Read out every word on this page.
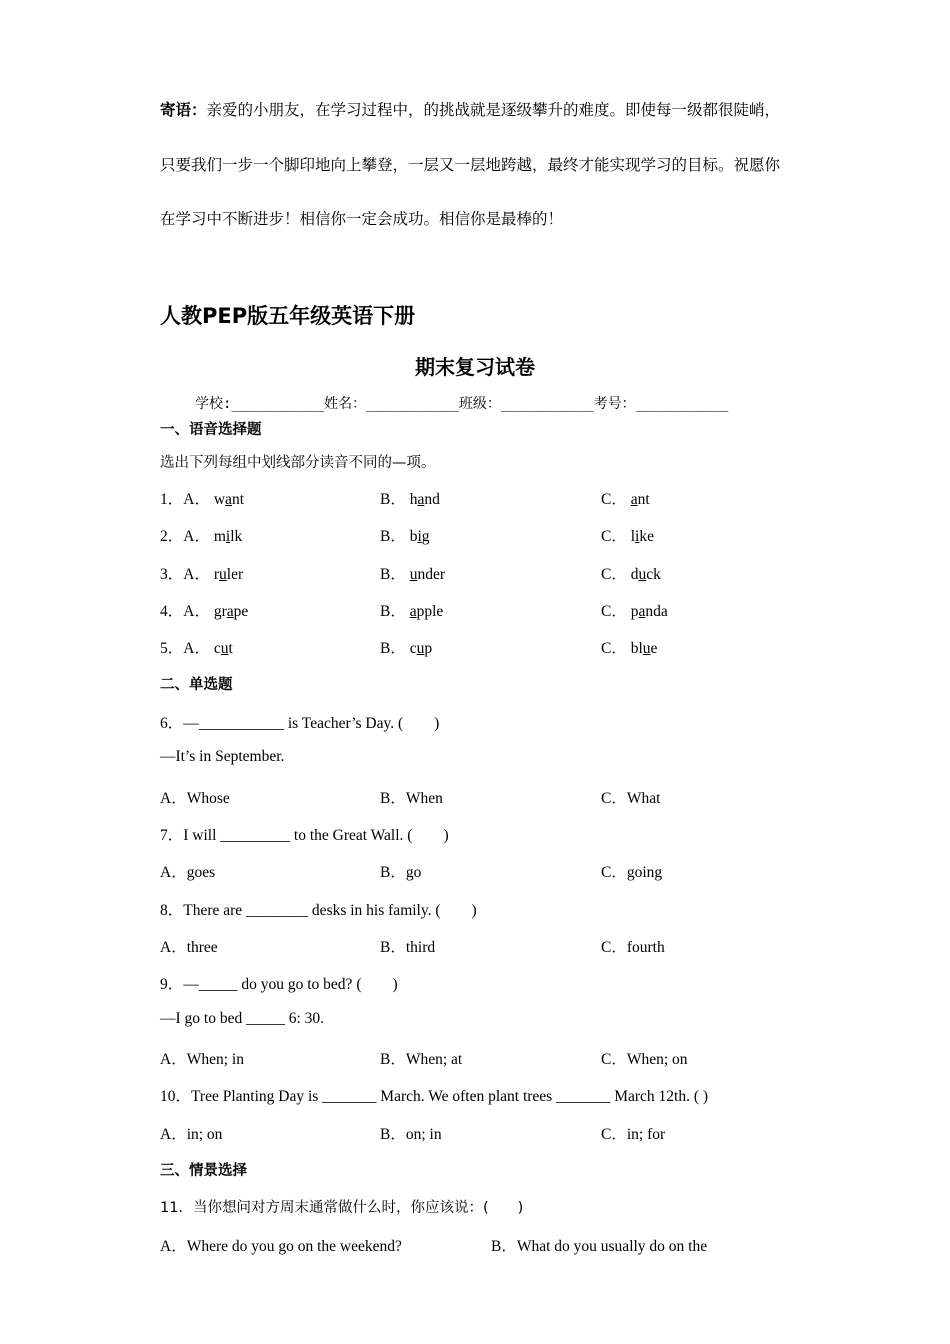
寄语：亲爱的小朋友，在学习过程中，的挑战就是逐级攀升的难度。即使每一级都很陡峭，只要我们一步一个脚印地向上攀登，一层又一层地跨越，最终才能实现学习的目标。祝愿你在学习中不断进步！相信你一定会成功。相信你是最棒的！
人教PEP版五年级英语下册
期末复习试卷
学校:___________姓名：___________班级：___________考号：___________
一、语音选择题
选出下列每组中划线部分读音不同的—项。
1．A． want	B． hand	C． ant
2．A． milk	B． big	C． like
3．A． ruler	B． under	C． duck
4．A． grape	B． apple	C． panda
5．A． cut	B． cup	C． blue
二、单选题
6．—___________ is Teacher’s Day. (　　)
—It’s in September.
A．Whose	B．When	C．What
7．I will _________ to the Great Wall. (　　)
A．goes	B．go	C．going
8．There are ________ desks in his family. (　　)
A．three	B．third	C．fourth
9．—_____ do you go to bed? (　　)
—I go to bed _____ 6: 30.
A．When; in	B．When; at	C．When; on
10．Tree Planting Day is _______ March. We often plant trees _______ March 12th. ( )
A．in; on	B．on; in	C．in; for
三、情景选择
11．当你想问对方周末通常做什么时，你应该说：(　　)
A．Where do you go on the weekend?	B．What do you usually do on the
